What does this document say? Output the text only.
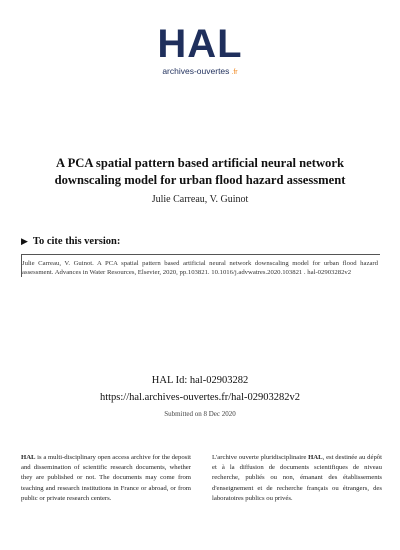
HAL
archives-ouvertes .fr
A PCA spatial pattern based artificial neural network
downscaling model for urban flood hazard assessment
Julie Carreau, V. Guinot
▶ To cite this version:
Julie Carreau, V. Guinot. A PCA spatial pattern based artificial neural network downscaling model for urban flood hazard assessment. Advances in Water Resources, Elsevier, 2020, pp.103821. 10.1016/j.advwatres.2020.103821 . hal-02903282v2
HAL Id: hal-02903282
https://hal.archives-ouvertes.fr/hal-02903282v2
Submitted on 8 Dec 2020
HAL is a multi-disciplinary open access archive for the deposit and dissemination of scientific research documents, whether they are published or not. The documents may come from teaching and research institutions in France or abroad, or from public or private research centers.
L'archive ouverte pluridisciplinaire HAL, est destinée au dépôt et à la diffusion de documents scientifiques de niveau recherche, publiés ou non, émanant des établissements d'enseignement et de recherche français ou étrangers, des laboratoires publics ou privés.
